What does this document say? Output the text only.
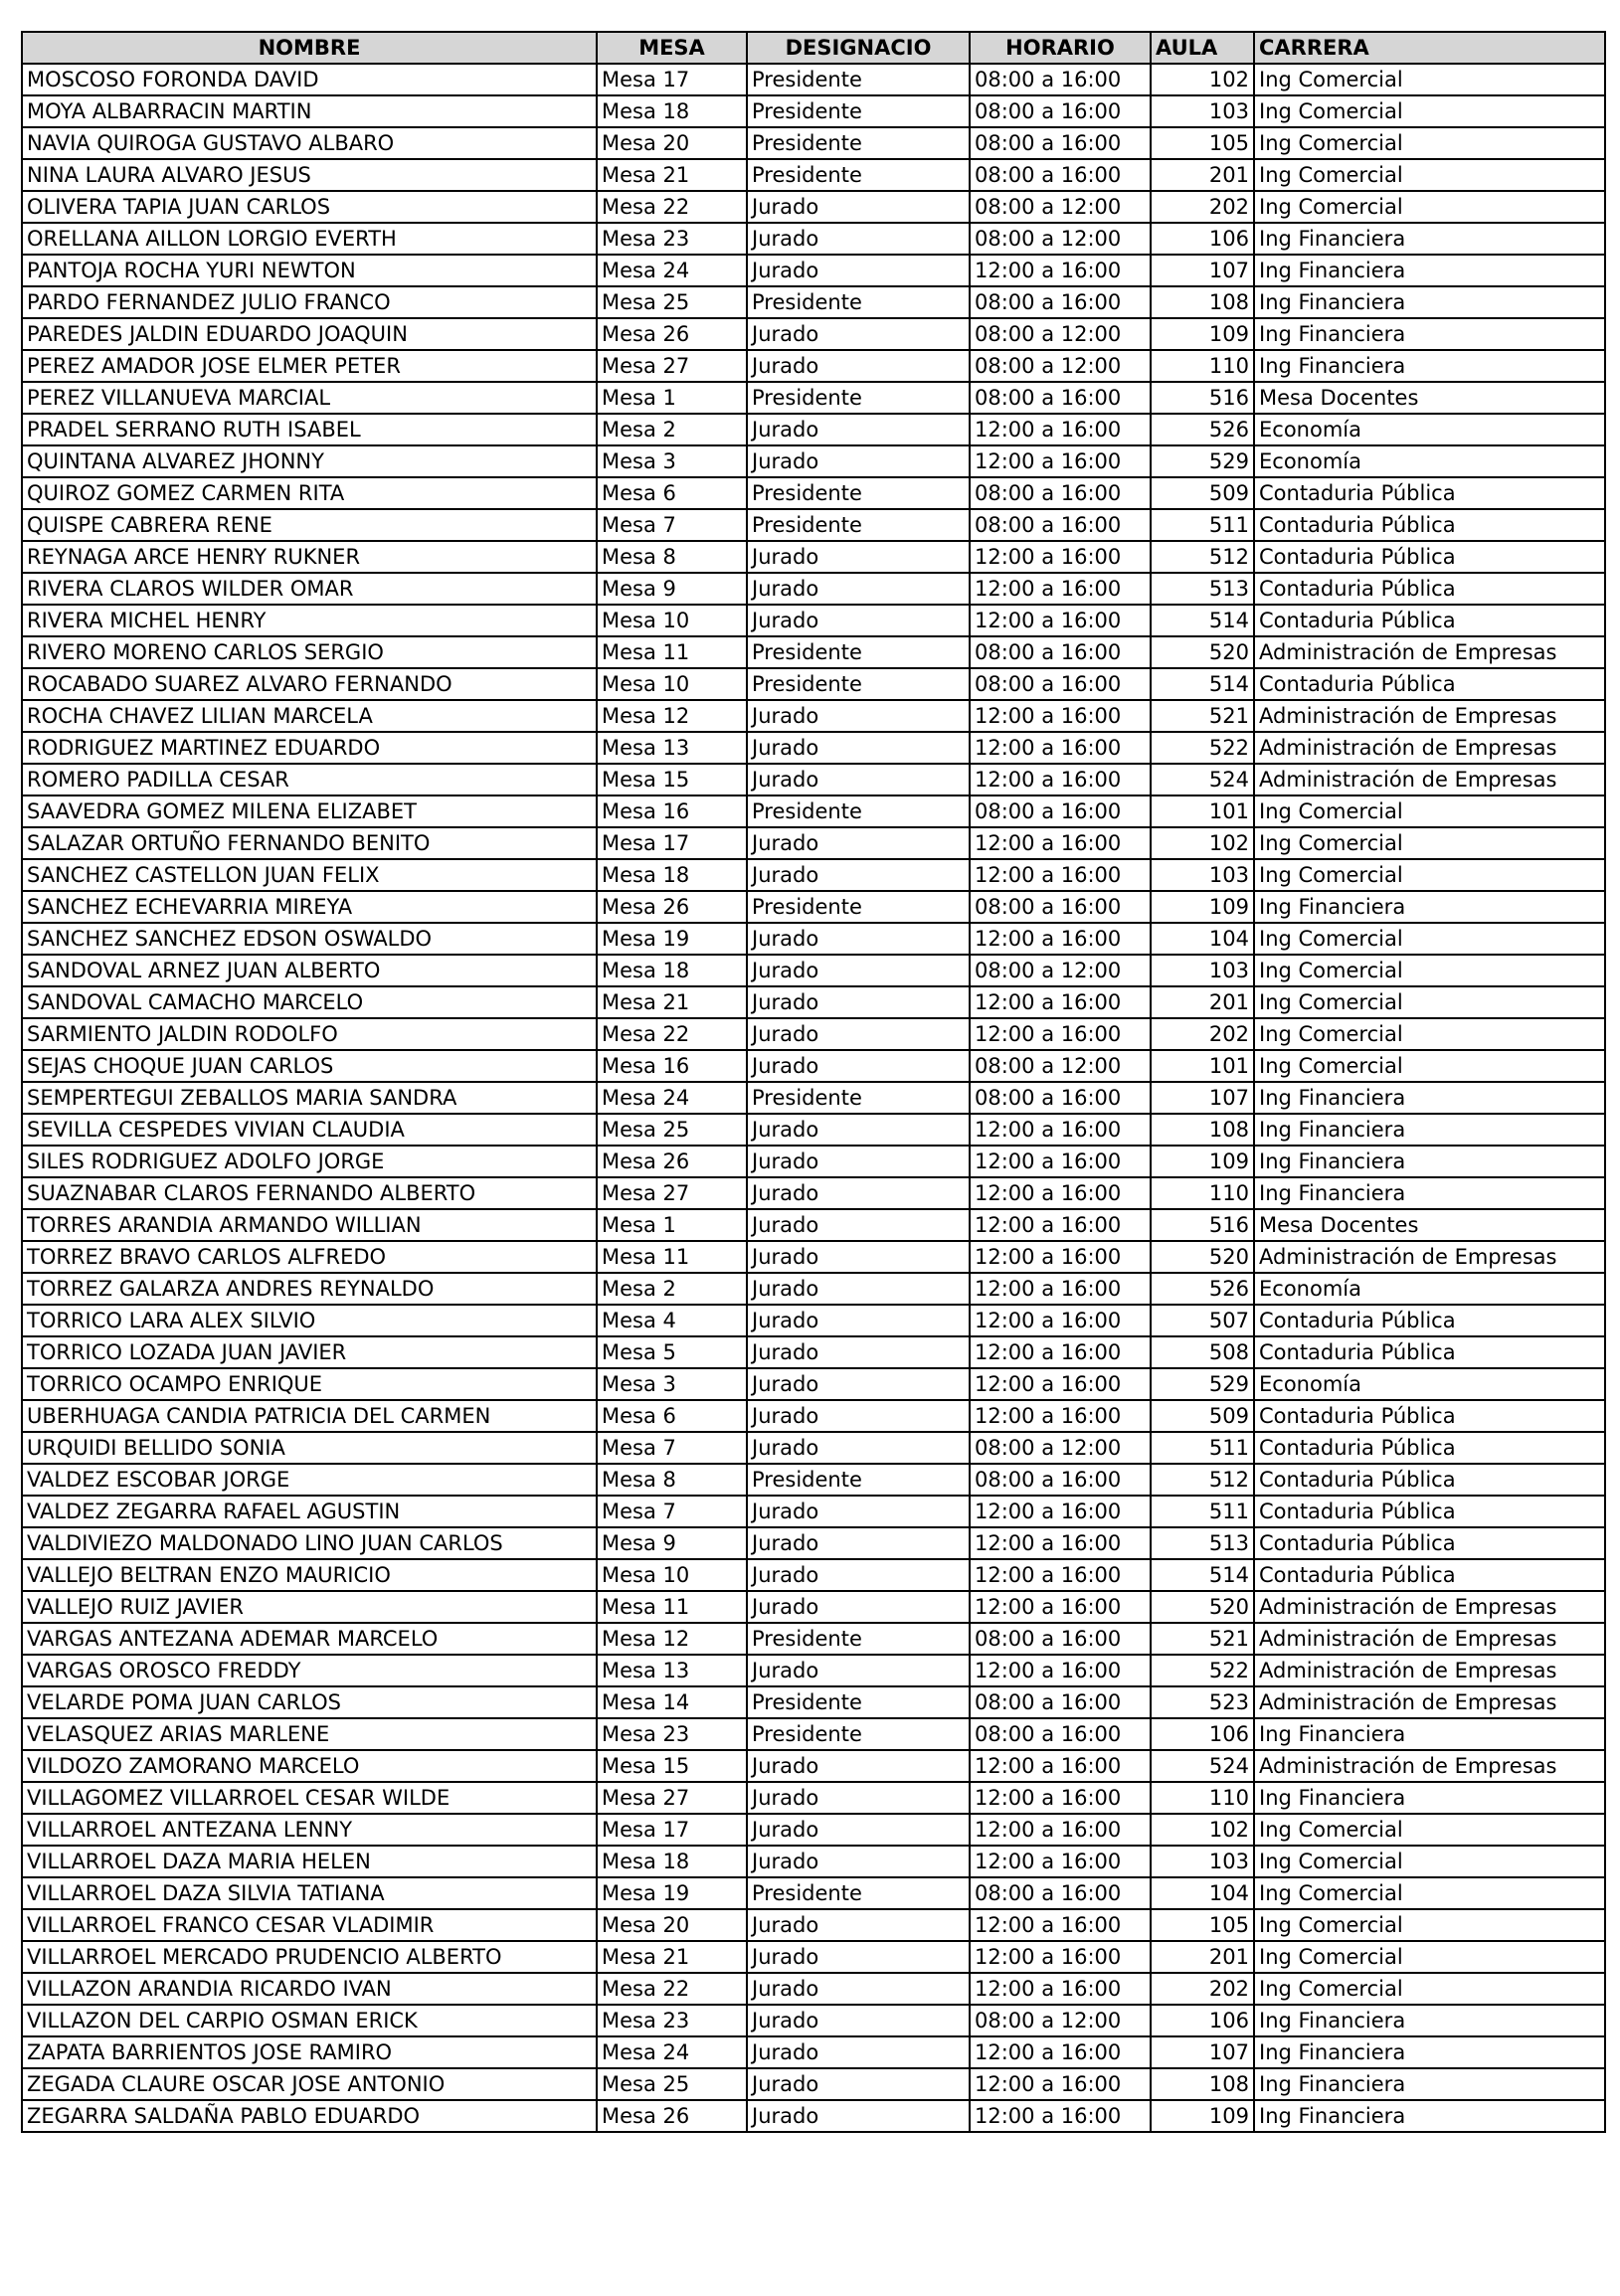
NOMBRE	MESA	DESIGNACIO	HORARIO	AULA	CARRERA
MOSCOSO FORONDA DAVID	Mesa 17	Presidente	08:00 a 16:00	102	Ing Comercial
MOYA ALBARRACIN MARTIN	Mesa 18	Presidente	08:00 a 16:00	103	Ing Comercial
NAVIA QUIROGA GUSTAVO ALBARO	Mesa 20	Presidente	08:00 a 16:00	105	Ing Comercial
NINA LAURA ALVARO JESUS	Mesa 21	Presidente	08:00 a 16:00	201	Ing Comercial
OLIVERA TAPIA JUAN CARLOS	Mesa 22	Jurado	08:00 a 12:00	202	Ing Comercial
ORELLANA AILLON LORGIO EVERTH	Mesa 23	Jurado	08:00 a 12:00	106	Ing Financiera
PANTOJA ROCHA YURI NEWTON	Mesa 24	Jurado	12:00 a 16:00	107	Ing Financiera
PARDO FERNANDEZ JULIO FRANCO	Mesa 25	Presidente	08:00 a 16:00	108	Ing Financiera
PAREDES JALDIN EDUARDO JOAQUIN	Mesa 26	Jurado	08:00 a 12:00	109	Ing Financiera
PEREZ AMADOR JOSE ELMER PETER	Mesa 27	Jurado	08:00 a 12:00	110	Ing Financiera
PEREZ VILLANUEVA MARCIAL	Mesa 1	Presidente	08:00 a 16:00	516	Mesa Docentes
PRADEL SERRANO RUTH ISABEL	Mesa 2	Jurado	12:00 a 16:00	526	Economía
QUINTANA ALVAREZ JHONNY	Mesa 3	Jurado	12:00 a 16:00	529	Economía
QUIROZ GOMEZ CARMEN RITA	Mesa 6	Presidente	08:00 a 16:00	509	Contaduria Pública
QUISPE CABRERA RENE	Mesa 7	Presidente	08:00 a 16:00	511	Contaduria Pública
REYNAGA ARCE HENRY RUKNER	Mesa 8	Jurado	12:00 a 16:00	512	Contaduria Pública
RIVERA CLAROS WILDER OMAR	Mesa 9	Jurado	12:00 a 16:00	513	Contaduria Pública
RIVERA MICHEL HENRY	Mesa 10	Jurado	12:00 a 16:00	514	Contaduria Pública
RIVERO MORENO CARLOS SERGIO	Mesa 11	Presidente	08:00 a 16:00	520	Administración de Empresas
ROCABADO SUAREZ ALVARO FERNANDO	Mesa 10	Presidente	08:00 a 16:00	514	Contaduria Pública
ROCHA CHAVEZ LILIAN MARCELA	Mesa 12	Jurado	12:00 a 16:00	521	Administración de Empresas
RODRIGUEZ MARTINEZ EDUARDO	Mesa 13	Jurado	12:00 a 16:00	522	Administración de Empresas
ROMERO PADILLA CESAR	Mesa 15	Jurado	12:00 a 16:00	524	Administración de Empresas
SAAVEDRA GOMEZ MILENA ELIZABET	Mesa 16	Presidente	08:00 a 16:00	101	Ing Comercial
SALAZAR ORTUÑO FERNANDO BENITO	Mesa 17	Jurado	12:00 a 16:00	102	Ing Comercial
SANCHEZ CASTELLON JUAN FELIX	Mesa 18	Jurado	12:00 a 16:00	103	Ing Comercial
SANCHEZ ECHEVARRIA MIREYA	Mesa 26	Presidente	08:00 a 16:00	109	Ing Financiera
SANCHEZ SANCHEZ EDSON OSWALDO	Mesa 19	Jurado	12:00 a 16:00	104	Ing Comercial
SANDOVAL ARNEZ JUAN ALBERTO	Mesa 18	Jurado	08:00 a 12:00	103	Ing Comercial
SANDOVAL CAMACHO MARCELO	Mesa 21	Jurado	12:00 a 16:00	201	Ing Comercial
SARMIENTO JALDIN RODOLFO	Mesa 22	Jurado	12:00 a 16:00	202	Ing Comercial
SEJAS CHOQUE JUAN CARLOS	Mesa 16	Jurado	08:00 a 12:00	101	Ing Comercial
SEMPERTEGUI ZEBALLOS MARIA SANDRA	Mesa 24	Presidente	08:00 a 16:00	107	Ing Financiera
SEVILLA CESPEDES VIVIAN CLAUDIA	Mesa 25	Jurado	12:00 a 16:00	108	Ing Financiera
SILES RODRIGUEZ ADOLFO JORGE	Mesa 26	Jurado	12:00 a 16:00	109	Ing Financiera
SUAZNABAR CLAROS FERNANDO ALBERTO	Mesa 27	Jurado	12:00 a 16:00	110	Ing Financiera
TORRES ARANDIA ARMANDO WILLIAN	Mesa 1	Jurado	12:00 a 16:00	516	Mesa Docentes
TORREZ BRAVO CARLOS ALFREDO	Mesa 11	Jurado	12:00 a 16:00	520	Administración de Empresas
TORREZ GALARZA ANDRES REYNALDO	Mesa 2	Jurado	12:00 a 16:00	526	Economía
TORRICO LARA ALEX SILVIO	Mesa 4	Jurado	12:00 a 16:00	507	Contaduria Pública
TORRICO LOZADA JUAN JAVIER	Mesa 5	Jurado	12:00 a 16:00	508	Contaduria Pública
TORRICO OCAMPO ENRIQUE	Mesa 3	Jurado	12:00 a 16:00	529	Economía
UBERHUAGA CANDIA PATRICIA DEL CARMEN	Mesa 6	Jurado	12:00 a 16:00	509	Contaduria Pública
URQUIDI BELLIDO SONIA	Mesa 7	Jurado	08:00 a 12:00	511	Contaduria Pública
VALDEZ ESCOBAR JORGE	Mesa 8	Presidente	08:00 a 16:00	512	Contaduria Pública
VALDEZ ZEGARRA RAFAEL AGUSTIN	Mesa 7	Jurado	12:00 a 16:00	511	Contaduria Pública
VALDIVIEZO MALDONADO LINO JUAN CARLOS	Mesa 9	Jurado	12:00 a 16:00	513	Contaduria Pública
VALLEJO BELTRAN ENZO MAURICIO	Mesa 10	Jurado	12:00 a 16:00	514	Contaduria Pública
VALLEJO RUIZ JAVIER	Mesa 11	Jurado	12:00 a 16:00	520	Administración de Empresas
VARGAS ANTEZANA ADEMAR MARCELO	Mesa 12	Presidente	08:00 a 16:00	521	Administración de Empresas
VARGAS OROSCO FREDDY	Mesa 13	Jurado	12:00 a 16:00	522	Administración de Empresas
VELARDE POMA JUAN CARLOS	Mesa 14	Presidente	08:00 a 16:00	523	Administración de Empresas
VELASQUEZ ARIAS MARLENE	Mesa 23	Presidente	08:00 a 16:00	106	Ing Financiera
VILDOZO ZAMORANO MARCELO	Mesa 15	Jurado	12:00 a 16:00	524	Administración de Empresas
VILLAGOMEZ VILLARROEL CESAR WILDE	Mesa 27	Jurado	12:00 a 16:00	110	Ing Financiera
VILLARROEL ANTEZANA LENNY	Mesa 17	Jurado	12:00 a 16:00	102	Ing Comercial
VILLARROEL DAZA MARIA HELEN	Mesa 18	Jurado	12:00 a 16:00	103	Ing Comercial
VILLARROEL DAZA SILVIA TATIANA	Mesa 19	Presidente	08:00 a 16:00	104	Ing Comercial
VILLARROEL FRANCO CESAR VLADIMIR	Mesa 20	Jurado	12:00 a 16:00	105	Ing Comercial
VILLARROEL MERCADO PRUDENCIO ALBERTO	Mesa 21	Jurado	12:00 a 16:00	201	Ing Comercial
VILLAZON ARANDIA RICARDO IVAN	Mesa 22	Jurado	12:00 a 16:00	202	Ing Comercial
VILLAZON DEL CARPIO OSMAN ERICK	Mesa 23	Jurado	08:00 a 12:00	106	Ing Financiera
ZAPATA BARRIENTOS JOSE RAMIRO	Mesa 24	Jurado	12:00 a 16:00	107	Ing Financiera
ZEGADA CLAURE OSCAR JOSE ANTONIO	Mesa 25	Jurado	12:00 a 16:00	108	Ing Financiera
ZEGARRA SALDAÑA PABLO EDUARDO	Mesa 26	Jurado	12:00 a 16:00	109	Ing Financiera
